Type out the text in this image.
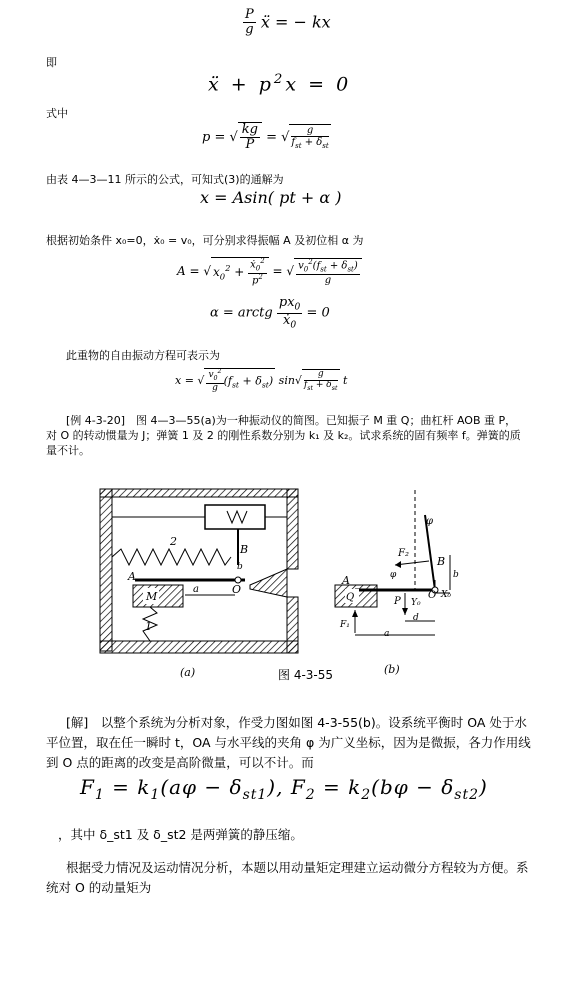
$\frac{P}{g}$ ẍ = − kx
即
ẍ + $p^2x = 0$
式中
p = √ $\frac{kg}{P}$ = √ $\frac{g}{f_{st} + \delta_{st}}$
由表 4—3—11 所示的公式，可知式(3)的通解为
x = Asin( pt + α )
根据初始条件 x₀=0，ẋ₀ = v₀，可分别求得振幅 A 及初位相 α 为
A = √ $x_0^2 + \frac{ẋ_0^2}{p^2}$ = √ $\frac{v_0^2(f_{st} + \delta_{st})}{g}$
α = arctg $\frac{px_0}{ẋ_0} = 0$
此重物的自由振动方程可表示为
x = √ $\frac{v_0^2}{g} (f_{st} + \delta_{st})$ $\sin√ \frac{g}{f_{st} + \delta_{st}}$ t
[例 4-3-20]　图 4—3—55(a)为一种振动仪的简图。已知振子 M 重 Q；曲杠杆 AOB 重 P，对 O 的转动惯量为 J；弹簧 1 及 2 的刚性系数分别为 k₁ 及 k₂。试求系统的固有频率 f。弹簧的质量不计。
2
B
b
A
M
a	O
1
φ
F₂
B
b
A	φ
Q	P Y₀
O X₀
F₁
d
a
(a)	图 4-3-55	(b)
[解]　以整个系统为分析对象，作受力图如图 4-3-55(b)。设系统平衡时 OA 处于水平位置，取在任一瞬时 t，OA 与水平线的夹角 φ 为广义坐标，因为是微振，各力作用线到 O 点的距离的改变是高阶微量，可以不计。而
$F_1 = k_1(a\varphi - \delta_{st1})$, $F_2 = k_2(b\varphi - \delta_{st2})$
，其中 δ_st1 及 δ_st2 是两弹簧的静压缩。
根据受力情况及运动情况分析，本题以用动量矩定理建立运动微分方程较为方便。系统对 O 的动量矩为
